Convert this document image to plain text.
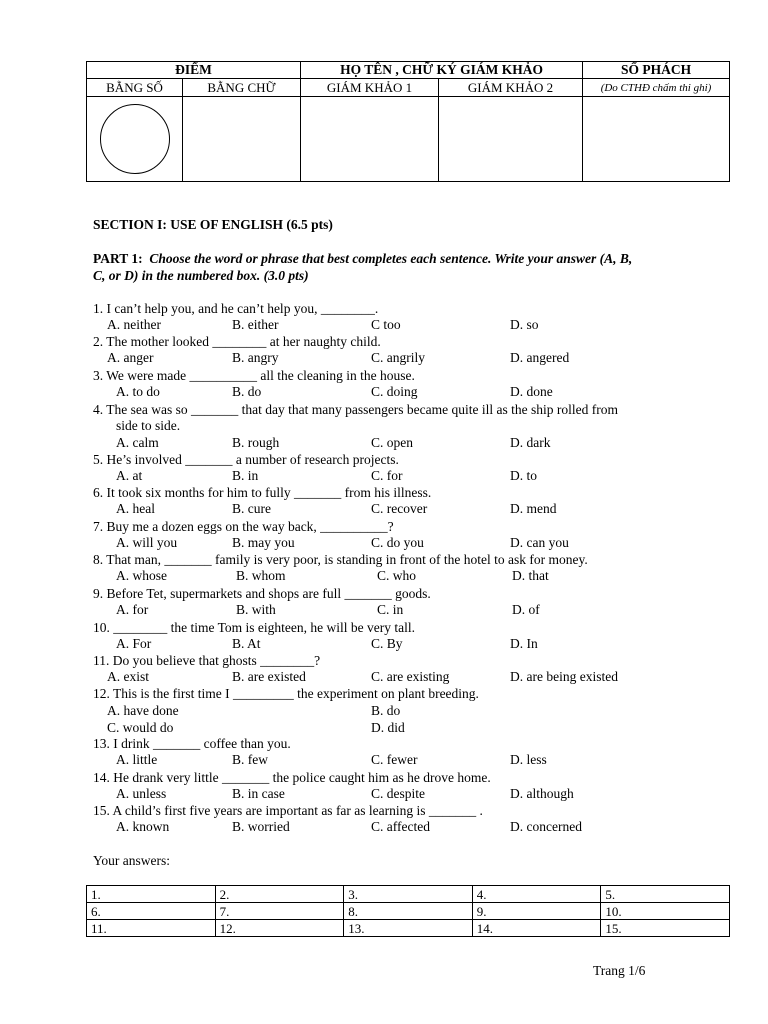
ĐIỂM		HỌ TÊN , CHỮ KÝ GIÁM KHẢO		SỐ PHÁCH
BẰNG SỐ	BẰNG CHỮ	GIÁM KHẢO 1	GIÁM KHẢO 2	(Do CTHĐ chấm thi ghi)

SECTION I: USE OF ENGLISH (6.5 pts)
PART 1: Choose the word or phrase that best completes each sentence. Write your answer (A, B,
C, or D) in the numbered box. (3.0 pts)
1. I can’t help you, and he can’t help you, ________.
A. neither	B. either	C too	D. so
2. The mother looked ________ at her naughty child.
A. anger	B. angry	C. angrily	D. angered
3. We were made __________ all the cleaning in the house.
A. to do	B. do	C. doing	D. done
4. The sea was so _______ that day that many passengers became quite ill as the ship rolled from
side to side.
A. calm	B. rough	C. open	D. dark
5. He’s involved _______ a number of research projects.
A. at	B. in	C. for	D. to
6. It took six months for him to fully _______ from his illness.
A. heal	B. cure	C. recover	D. mend
7. Buy me a dozen eggs on the way back, __________?
A. will you	B. may you	C. do you	D. can you
8. That man, _______ family is very poor, is standing in front of the hotel to ask for money.
A. whose	B. whom	C. who	D. that
9. Before Tet, supermarkets and shops are full _______ goods.
A. for	B. with	C. in	D. of
10. ________ the time Tom is eighteen, he will be very tall.
A. For	B. At	C. By	D. In
11. Do you believe that ghosts ________?
A. exist	B. are existed	C. are existing	D. are being existed
12. This is the first time I _________ the experiment on plant breeding.
A. have done	B. do
C. would do	D. did
13. I drink _______ coffee than you.
A. little	B. few	C. fewer	D. less
14. He drank very little _______ the police caught him as he drove home.
A. unless	B. in case	C. despite	D. although
15. A child’s first five years are important as far as learning is _______ .
A. known	B. worried	C. affected	D. concerned
Your answers:
1.	2.	3.	4.	5.
6.	7.	8.	9.	10.
11.	12.	13.	14.	15.
Trang 1/6
